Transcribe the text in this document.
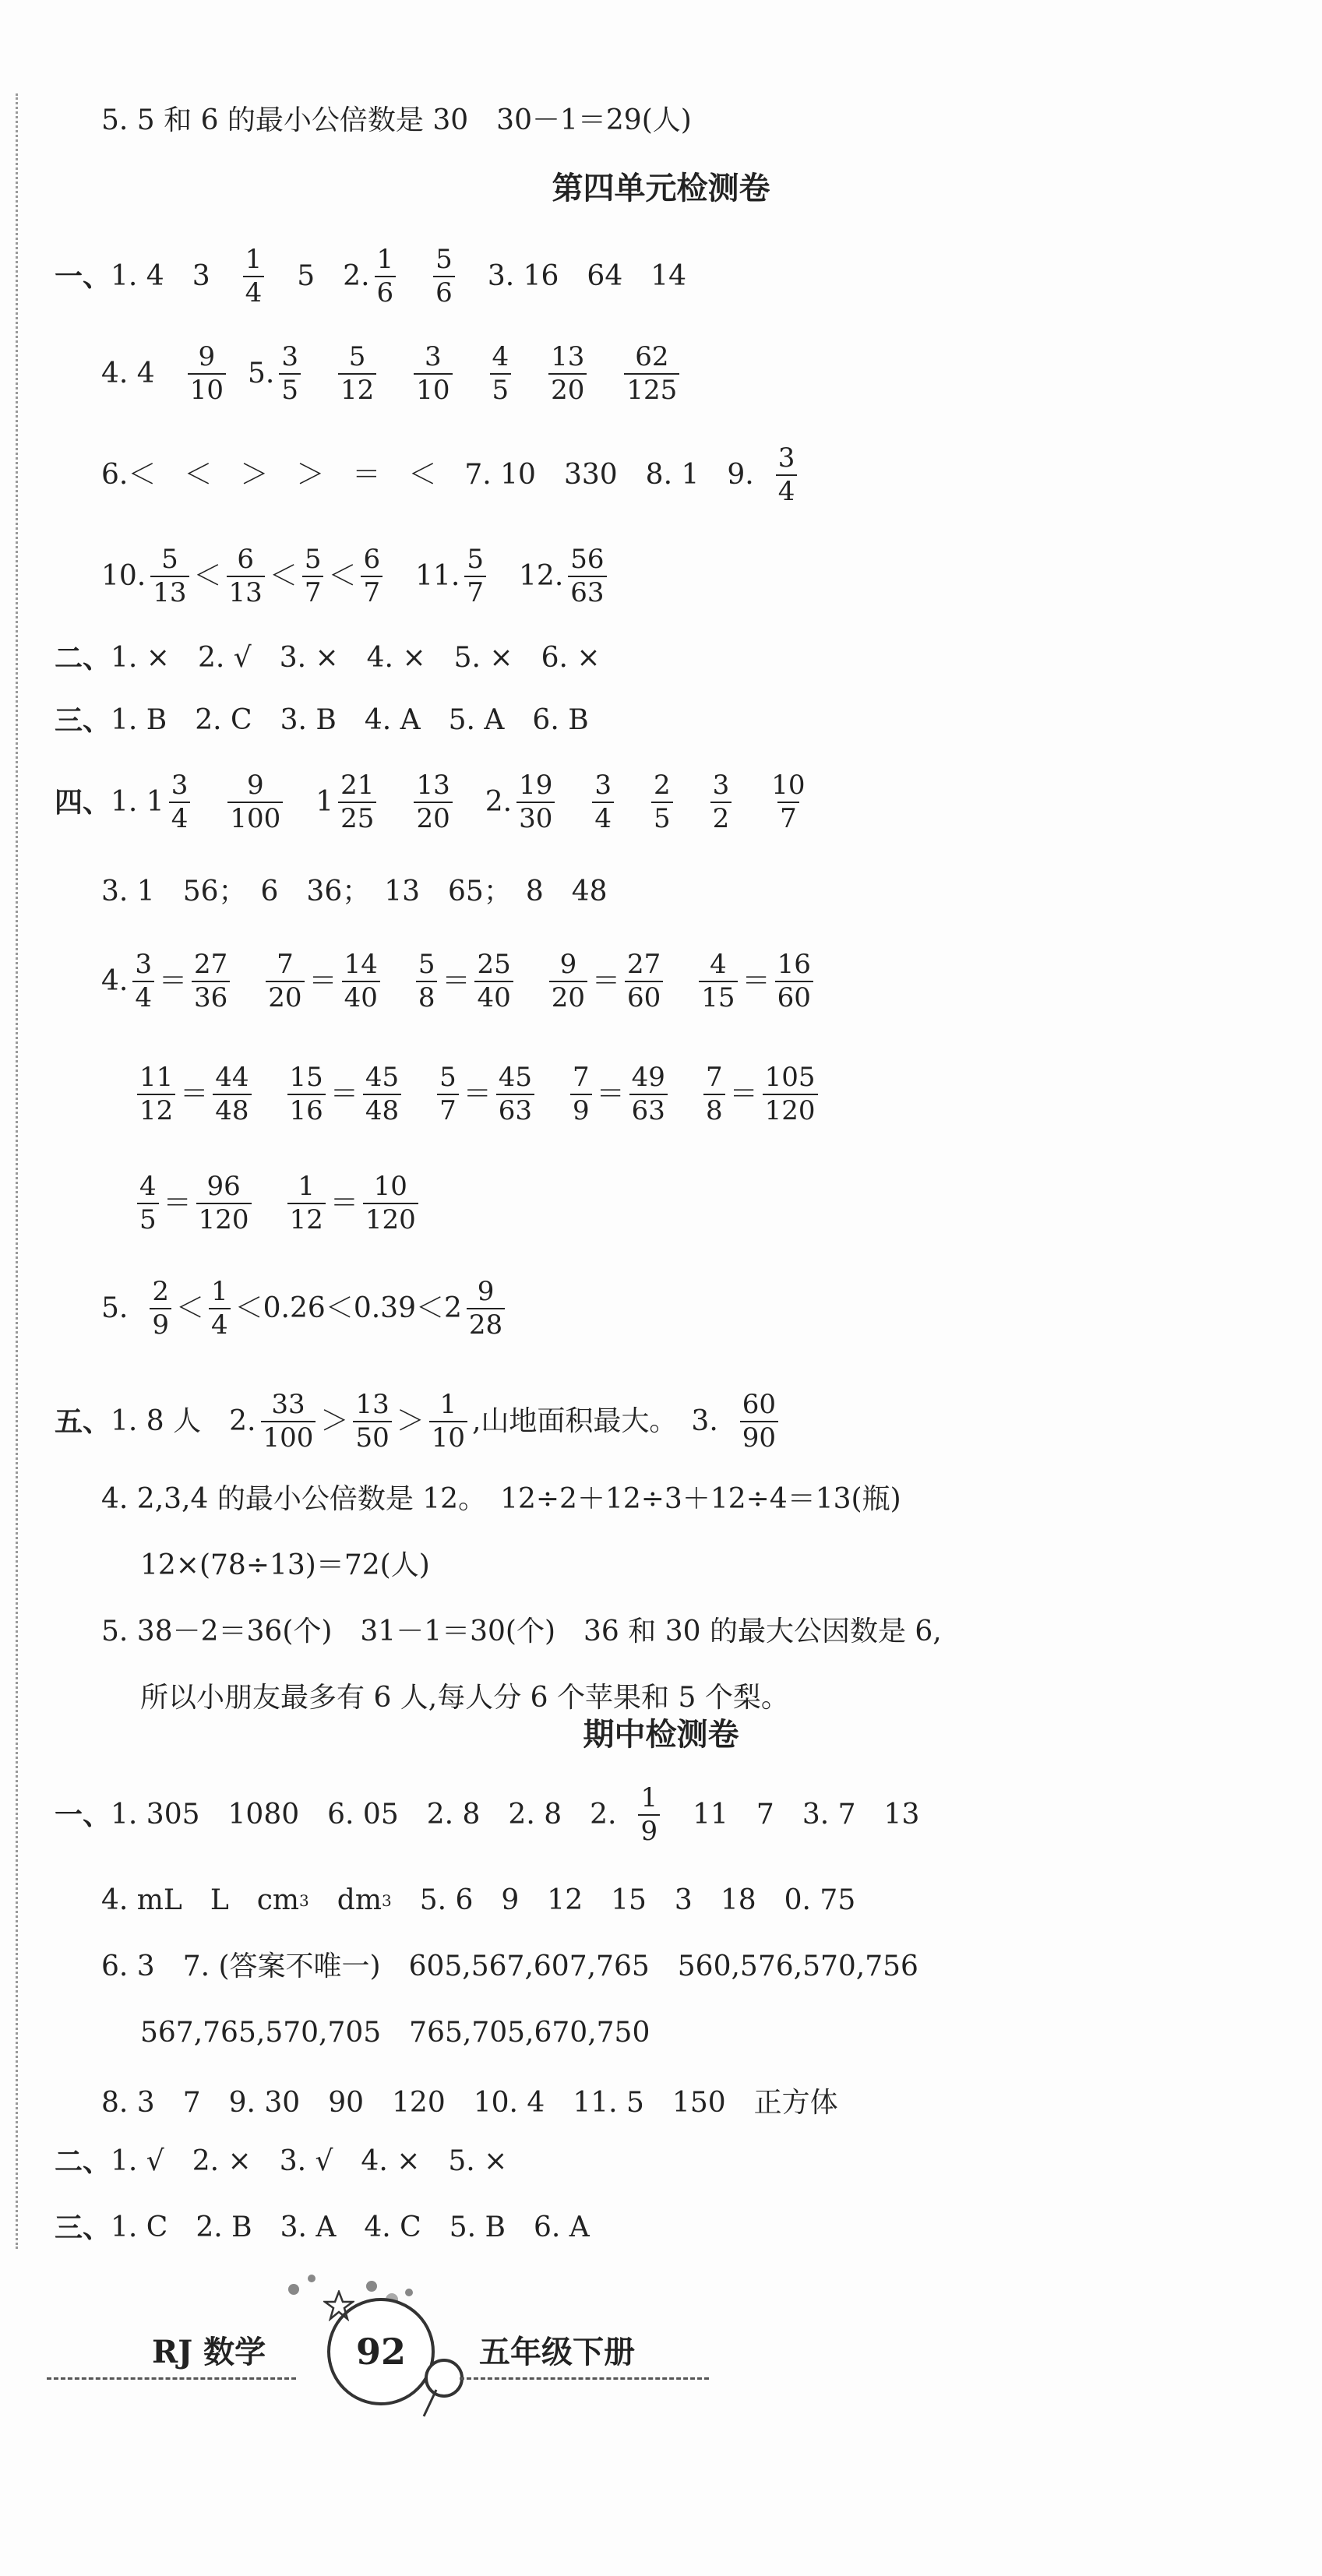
5. 5 和 6 的最小公倍数是 30　30－1＝29(人)
第四单元检测卷
一、 1. 4　$3 \frac{1}{4} 5$　2. $\frac{1}{6} \frac{5}{6} 3$. 16　64　14
4. $4 \frac{9}{10} 5$. $\frac{3}{5} \frac{5}{12} \frac{3}{10} \frac{4}{5} \frac{13}{20} \frac{62}{125}$
6.＜　＜　＞　＞　＝　＜　7. 10　330　8. 1　9. $\frac{3}{4}$
10. $\frac{5}{13} < \frac{6}{13} < \frac{5}{7} < \frac{6}{7} 11$. $\frac{5}{7} 12$. $\frac{56}{63}$
二、 1. ×　2. √　3. ×　4. ×　5. ×　6. ×
三、 1. B　2. C　3. B　4. A　5. A　6. B
四、 1. $1 \frac{3}{4} \frac{9}{100} 1 \frac{21}{25} \frac{13}{20} 2$. $\frac{19}{30} \frac{3}{4} \frac{2}{5} \frac{3}{2} \frac{10}{7}$
3. 1　56；　6　36；　13　65；　8　48
4. $\frac{3}{4} = \frac{27}{36} \frac{7}{20} = \frac{14}{40} \frac{5}{8} = \frac{25}{40} \frac{9}{20} = \frac{27}{60} \frac{4}{15} = \frac{16}{60}$
$\frac{11}{12} = \frac{44}{48} \frac{15}{16} = \frac{45}{48} \frac{5}{7} = \frac{45}{63} \frac{7}{9} = \frac{49}{63} \frac{7}{8} = \frac{105}{120}$
$\frac{4}{5} = \frac{96}{120} \frac{1}{12} = \frac{10}{120}$
5. $\frac{2}{9} < \frac{1}{4} <0.26<0.39<2 \frac{9}{28}$
五、 1. 8 人　2. $\frac{33}{100} > \frac{13}{50} > \frac{1}{10}$ ,山地面积最大。　3. $\frac{60}{90}$
4. 2,3,4 的最小公倍数是 12。　12÷2＋12÷3＋12÷4＝13(瓶)
12×(78÷13)＝72(人)
5. 38－2＝36(个)　31－1＝30(个)　36 和 30 的最大公因数是 6,
所以小朋友最多有 6 人,每人分 6 个苹果和 5 个梨。
期中检测卷
一、 1. 305　1080　6. 05　2. 8　2. 8　2. $\frac{1}{9} 11$　7　3. 7　13
4. mL　L　cm 3 　dm 3 　5. 6　9　12　15　3　18　0. 75
6. 3　7. (答案不唯一)　605,567,607,765　560,576,570,756
567,765,570,705　765,705,670,750
8. 3　7　9. 30　90　120　10. 4　11. 5　150　正方体
二、 1. √　2. ×　3. √　4. ×　5. ×
三、 1. C　2. B　3. A　4. C　5. B　6. A
RJ 数学	92 五年级下册
